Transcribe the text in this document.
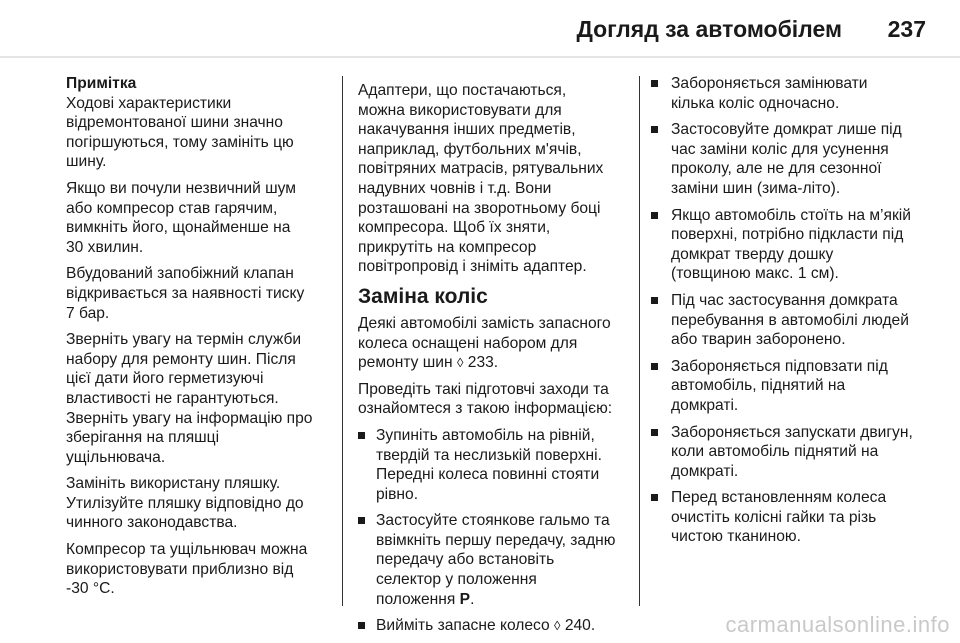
Догляд за автомобілем 237

Примітка
Ходові характеристики
відремонтованої шини значно
погіршуються, тому замініть цю
шину.

Якщо ви почули незвичний шум
або компресор став гарячим,
вимкніть його, щонайменше на
30 хвилин.

Вбудований запобіжний клапан
відкривається за наявності тиску
7 бар.

Зверніть увагу на термін служби
набору для ремонту шин. Після
цієї дати його герметизуючі
властивості не гарантуються.
Зверніть увагу на інформацію про
зберігання на пляшці
ущільнювача.

Замініть використану пляшку.
Утилізуйте пляшку відповідно до
чинного законодавства.

Компресор та ущільнювач можна
використовувати приблизно від
-30 °C.

Адаптери, що постачаються,
можна використовувати для
накачування інших предметів,
наприклад, футбольних м'ячів,
повітряних матрасів, рятувальних
надувних човнів і т.д. Вони
розташовані на зворотньому боці
компресора. Щоб їх зняти,
прикрутіть на компресор
повітропровід і зніміть адаптер.

Заміна коліс

Деякі автомобілі замість запасного
колеса оснащені набором для
ремонту шин ◊ 233.

Проведіть такі підготовчі заходи та
ознайомтеся з такою інформацією:

Зупиніть автомобіль на рівній,
твердій та неслизькій поверхні.
Передні колеса повинні стояти
рівно.
Застосуйте стоянкове гальмо та
ввімкніть першу передачу, задню
передачу або встановіть
селектор у положення
положення P.
Вийміть запасне колесо ◊ 240.
Забороняється замінювати
кілька коліс одночасно.
Застосовуйте домкрат лише під
час заміни коліс для усунення
проколу, але не для сезонної
заміни шин (зима-літо).
Якщо автомобіль стоїть на м’якій
поверхні, потрібно підкласти під
домкрат тверду дошку
(товщиною макс. 1 см).
Під час застосування домкрата
перебування в автомобілі людей
або тварин заборонено.
Забороняється підповзати під
автомобіль, піднятий на
домкраті.
Забороняється запускати двигун,
коли автомобіль піднятий на
домкраті.
Перед встановленням колеса
очистіть колісні гайки та різь
чистою тканиною.
carmanualsonline.info
